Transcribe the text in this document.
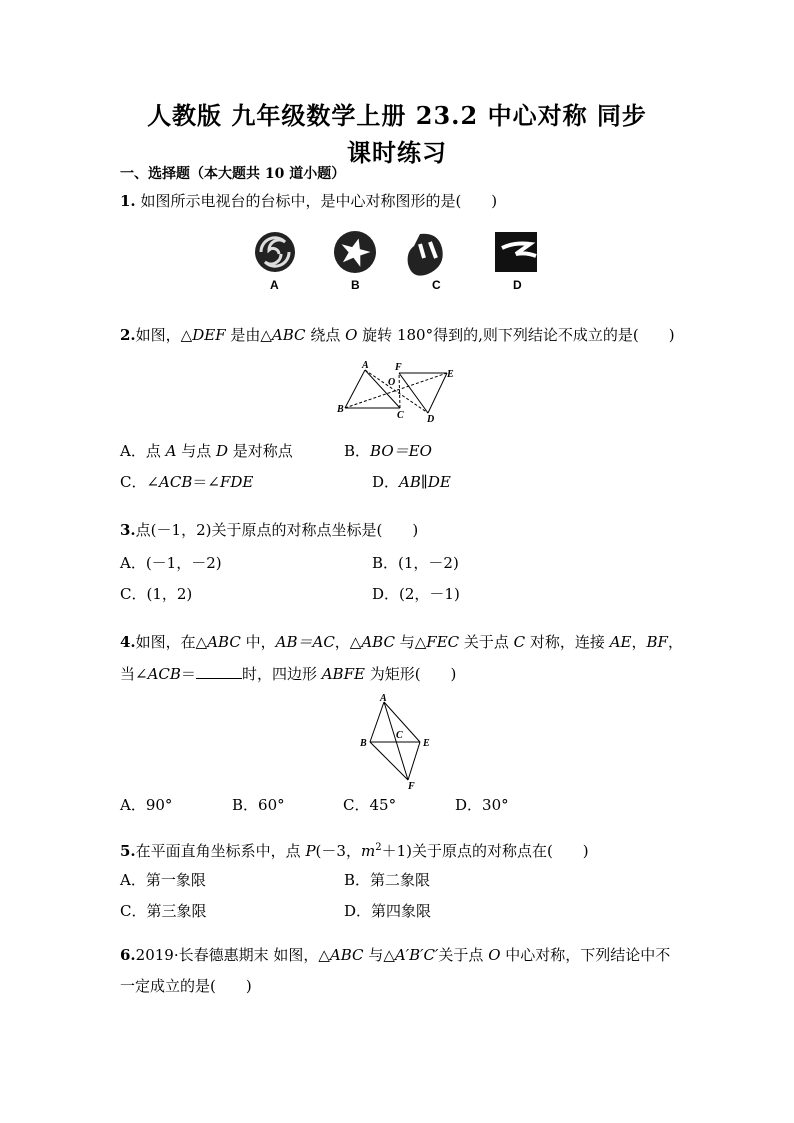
人教版 九年级数学上册 23.2 中心对称 同步
课时练习
一、选择题（本大题共 10 道小题）
1. 如图所示电视台的台标中，是中心对称图形的是(　　)
A	B	C	D
2.如图，△DEF 是由△ABC 绕点 O 旋转 180°得到的,则下列结论不成立的是(　　)
A	F
E
O
B
C D
A．点 A 与点 D 是对称点	B．BO＝EO
C．∠ACB＝∠FDE	D．AB∥DE
3.点(－1，2)关于原点的对称点坐标是(　　)
A．(－1，－2)	B．(1，－2)
C．(1，2)	D．(2，－1)
4.如图，在△ABC 中，AB＝AC，△ABC 与△FEC 关于点 C 对称，连接 AE，BF，
当∠ACB＝	时，四边形 ABFE 为矩形(　　)
A
B
C
E
F
A．90°	B．60°	C．45°	D．30°
5.在平面直角坐标系中，点 P(－3，$m^2+1$)关于原点的对称点在(　　)
A．第一象限	B．第二象限
C．第三象限	D．第四象限
6.2019·长春德惠期末 如图，△ABC 与△A′B′C′关于点 O 中心对称，下列结论中不
一定成立的是(　　)
